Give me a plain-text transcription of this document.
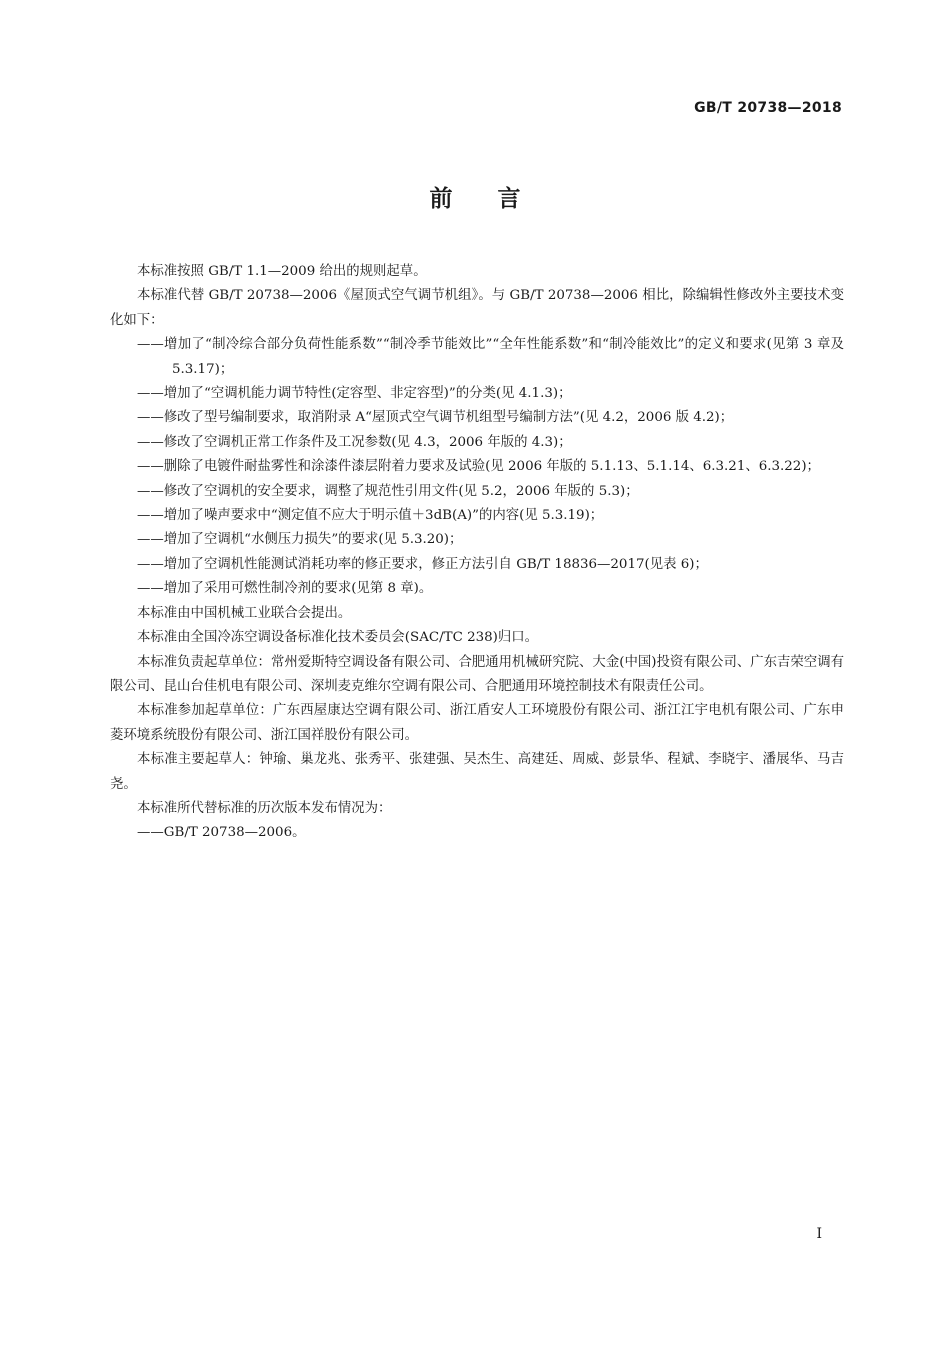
GB/T 20738—2018
前言

本标准按照 GB/T 1.1—2009 给出的规则起草。

本标准代替 GB/T 20738—2006《屋顶式空气调节机组》。与 GB/T 20738—2006 相比，除编辑性修改外主要技术变化如下：

——增加了“制冷综合部分负荷性能系数”“制冷季节能效比”“全年性能系数”和“制冷能效比”的定义和要求(见第 3 章及 5.3.17)；

——增加了“空调机能力调节特性(定容型、非定容型)”的分类(见 4.1.3)；

——修改了型号编制要求，取消附录 A“屋顶式空气调节机组型号编制方法”(见 4.2，2006 版 4.2)；

——修改了空调机正常工作条件及工况参数(见 4.3，2006 年版的 4.3)；

——删除了电镀件耐盐雾性和涂漆件漆层附着力要求及试验(见 2006 年版的 5.1.13、5.1.14、6.3.21、6.3.22)；

——修改了空调机的安全要求，调整了规范性引用文件(见 5.2，2006 年版的 5.3)；

——增加了噪声要求中“测定值不应大于明示值＋3dB(A)”的内容(见 5.3.19)；

——增加了空调机“水侧压力损失”的要求(见 5.3.20)；

——增加了空调机性能测试消耗功率的修正要求，修正方法引自 GB/T 18836—2017(见表 6)；

——增加了采用可燃性制冷剂的要求(见第 8 章)。

本标准由中国机械工业联合会提出。

本标准由全国冷冻空调设备标准化技术委员会(SAC/TC 238)归口。

本标准负责起草单位：常州爱斯特空调设备有限公司、合肥通用机械研究院、大金(中国)投资有限公司、广东吉荣空调有限公司、昆山台佳机电有限公司、深圳麦克维尔空调有限公司、合肥通用环境控制技术有限责任公司。

本标准参加起草单位：广东西屋康达空调有限公司、浙江盾安人工环境股份有限公司、浙江江宇电机有限公司、广东申菱环境系统股份有限公司、浙江国祥股份有限公司。

本标准主要起草人：钟瑜、巢龙兆、张秀平、张建强、吴杰生、高建廷、周威、彭景华、程斌、李晓宇、潘展华、马吉尧。

本标准所代替标准的历次版本发布情况为：

——GB/T 20738—2006。

I
